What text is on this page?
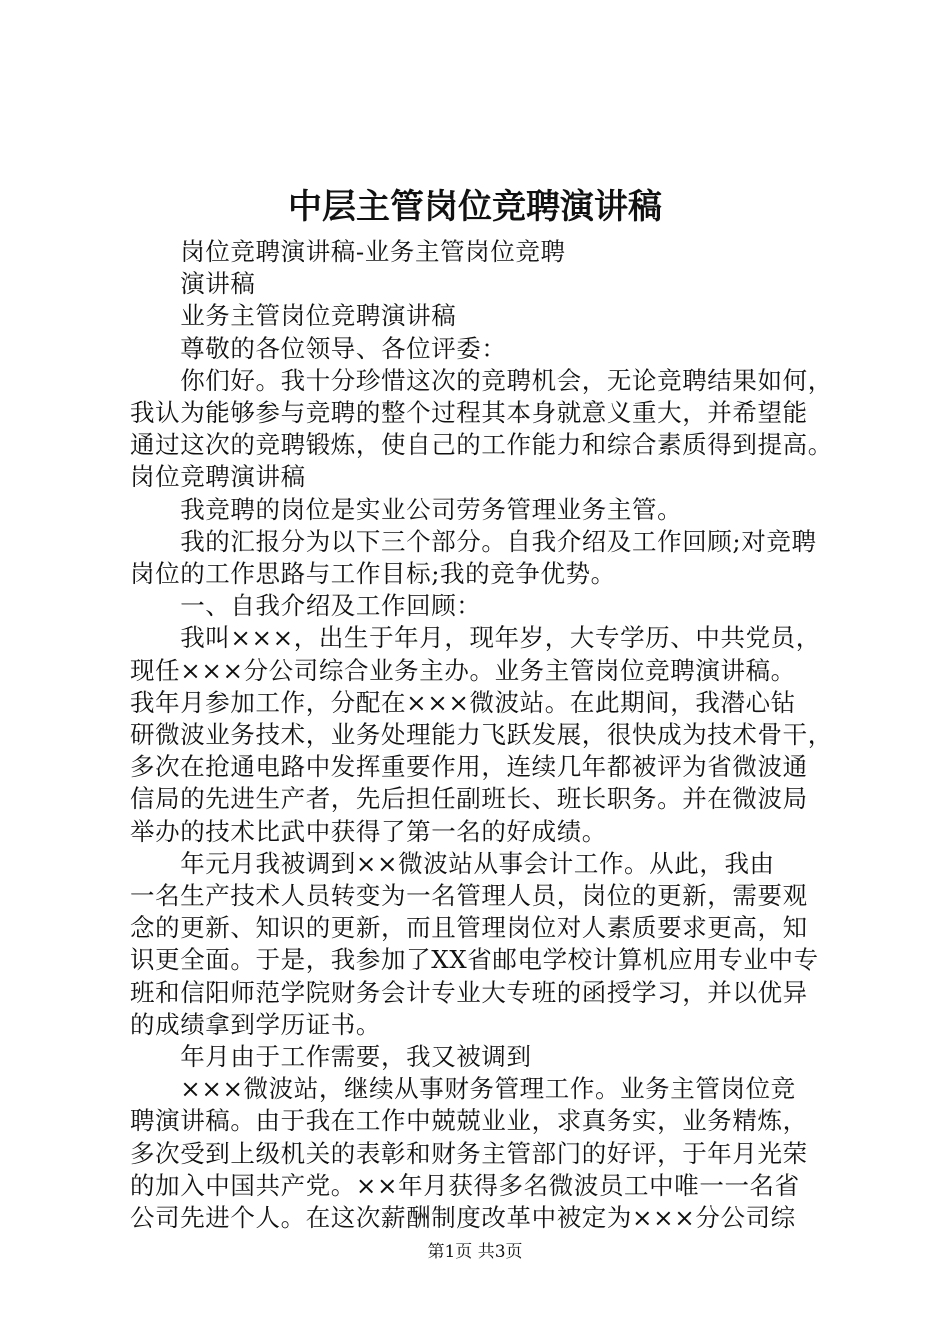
中层主管岗位竞聘演讲稿

　　岗位竞聘演讲稿-业务主管岗位竞聘

　　演讲稿

　　业务主管岗位竞聘演讲稿

　　尊敬的各位领导、各位评委：

　　你们好。我十分珍惜这次的竞聘机会，无论竞聘结果如何，

我认为能够参与竞聘的整个过程其本身就意义重大，并希望能

通过这次的竞聘锻炼，使自己的工作能力和综合素质得到提高。

岗位竞聘演讲稿

　　我竞聘的岗位是实业公司劳务管理业务主管。

　　我的汇报分为以下三个部分。自我介绍及工作回顾;对竞聘

岗位的工作思路与工作目标;我的竞争优势。

　　一、自我介绍及工作回顾：

　　我叫×××，出生于年月，现年岁，大专学历、中共党员，

现任×××分公司综合业务主办。业务主管岗位竞聘演讲稿。

我年月参加工作，分配在×××微波站。在此期间，我潜心钻

研微波业务技术，业务处理能力飞跃发展，很快成为技术骨干，

多次在抢通电路中发挥重要作用，连续几年都被评为省微波通

信局的先进生产者，先后担任副班长、班长职务。并在微波局

举办的技术比武中获得了第一名的好成绩。

　　年元月我被调到××微波站从事会计工作。从此，我由

一名生产技术人员转变为一名管理人员，岗位的更新，需要观

念的更新、知识的更新，而且管理岗位对人素质要求更高，知

识更全面。于是，我参加了XX省邮电学校计算机应用专业中专

班和信阳师范学院财务会计专业大专班的函授学习，并以优异

的成绩拿到学历证书。

　　年月由于工作需要，我又被调到

　　×××微波站，继续从事财务管理工作。业务主管岗位竞

聘演讲稿。由于我在工作中兢兢业业，求真务实，业务精炼，

多次受到上级机关的表彰和财务主管部门的好评，于年月光荣

的加入中国共产党。××年月获得多名微波员工中唯一一名省

公司先进个人。在这次薪酬制度改革中被定为×××分公司综

第1页 共3页
